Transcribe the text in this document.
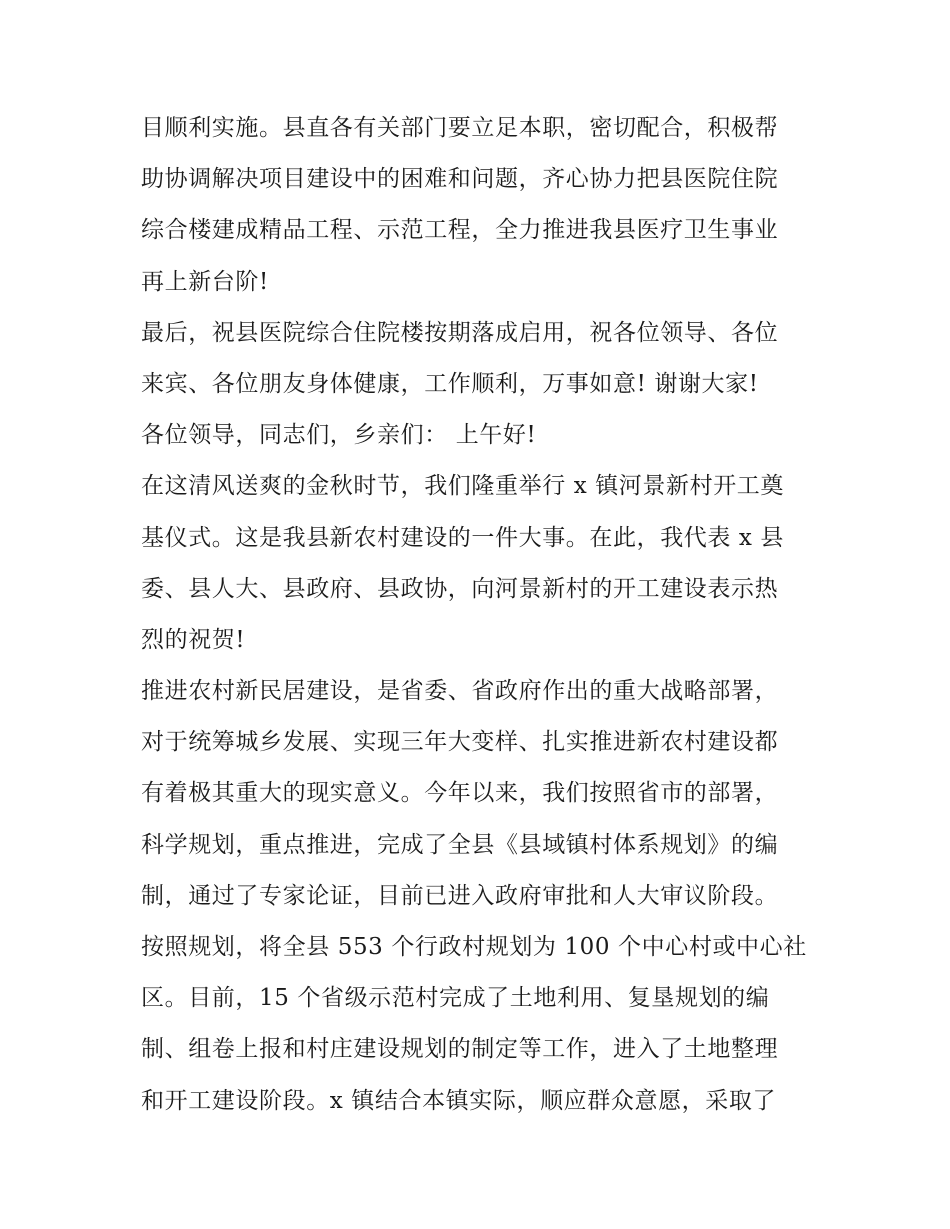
目顺利实施。县直各有关部门要立足本职，密切配合，积极帮
助协调解决项目建设中的困难和问题，齐心协力把县医院住院
综合楼建成精品工程、示范工程，全力推进我县医疗卫生事业
再上新台阶!
最后，祝县医院综合住院楼按期落成启用，祝各位领导、各位
来宾、各位朋友身体健康，工作顺利，万事如意! 谢谢大家!
各位领导，同志们，乡亲们： 上午好!
在这清风送爽的金秋时节，我们隆重举行 x 镇河景新村开工奠
基仪式。这是我县新农村建设的一件大事。在此，我代表 x 县
委、县人大、县政府、县政协，向河景新村的开工建设表示热
烈的祝贺!
推进农村新民居建设，是省委、省政府作出的重大战略部署，
对于统筹城乡发展、实现三年大变样、扎实推进新农村建设都
有着极其重大的现实意义。今年以来，我们按照省市的部署，
科学规划，重点推进，完成了全县《县域镇村体系规划》的编
制，通过了专家论证，目前已进入政府审批和人大审议阶段。
按照规划，将全县 553 个行政村规划为 100 个中心村或中心社
区。目前，15 个省级示范村完成了土地利用、复垦规划的编
制、组卷上报和村庄建设规划的制定等工作，进入了土地整理
和开工建设阶段。x 镇结合本镇实际，顺应群众意愿，采取了
